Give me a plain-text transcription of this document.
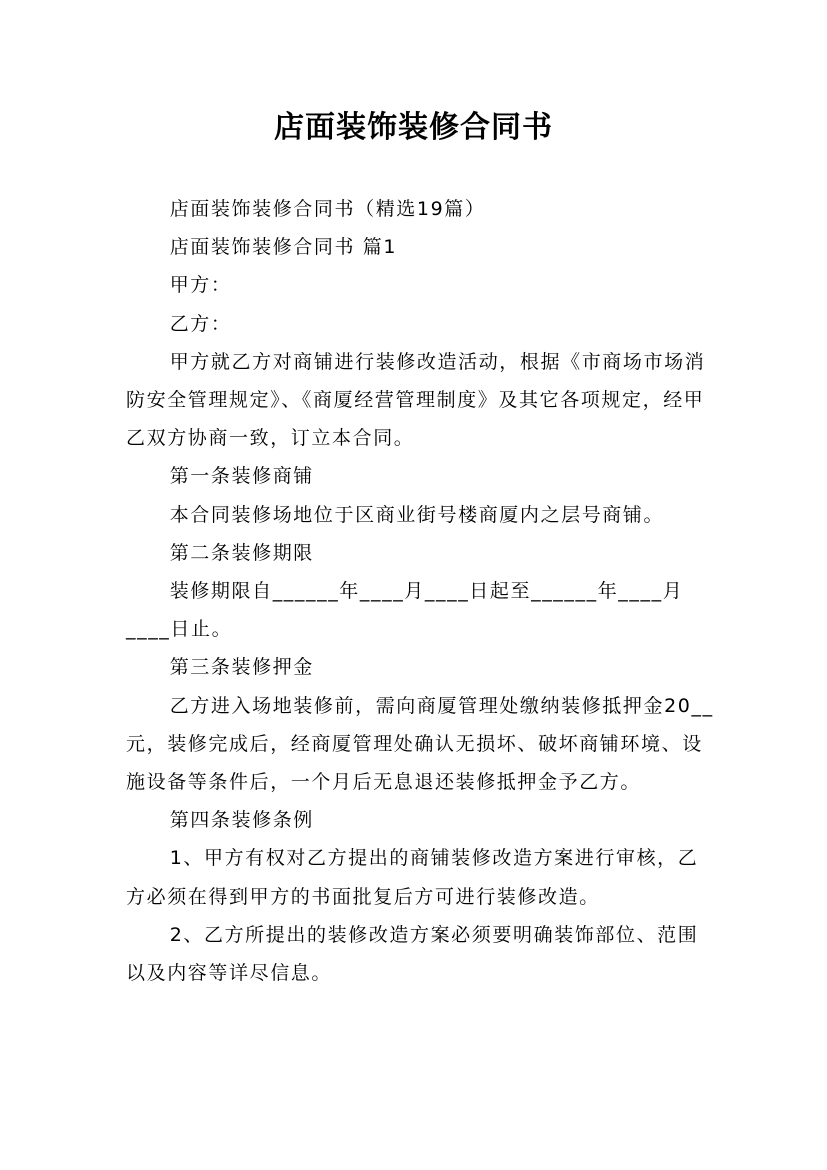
店面装饰装修合同书

店面装饰装修合同书（精选19篇）

店面装饰装修合同书 篇1

甲方：

乙方：

甲方就乙方对商铺进行装修改造活动，根据《市商场市场消防安全管理规定》、《商厦经营管理制度》及其它各项规定，经甲乙双方协商一致，订立本合同。

第一条装修商铺

本合同装修场地位于区商业街号楼商厦内之层号商铺。

第二条装修期限

装修期限自______年____月____日起至______年____月____日止。

第三条装修押金

乙方进入场地装修前，需向商厦管理处缴纳装修抵押金20__元，装修完成后，经商厦管理处确认无损坏、破坏商铺环境、设施设备等条件后，一个月后无息退还装修抵押金予乙方。

第四条装修条例

1、甲方有权对乙方提出的商铺装修改造方案进行审核，乙方必须在得到甲方的书面批复后方可进行装修改造。

2、乙方所提出的装修改造方案必须要明确装饰部位、范围以及内容等详尽信息。
